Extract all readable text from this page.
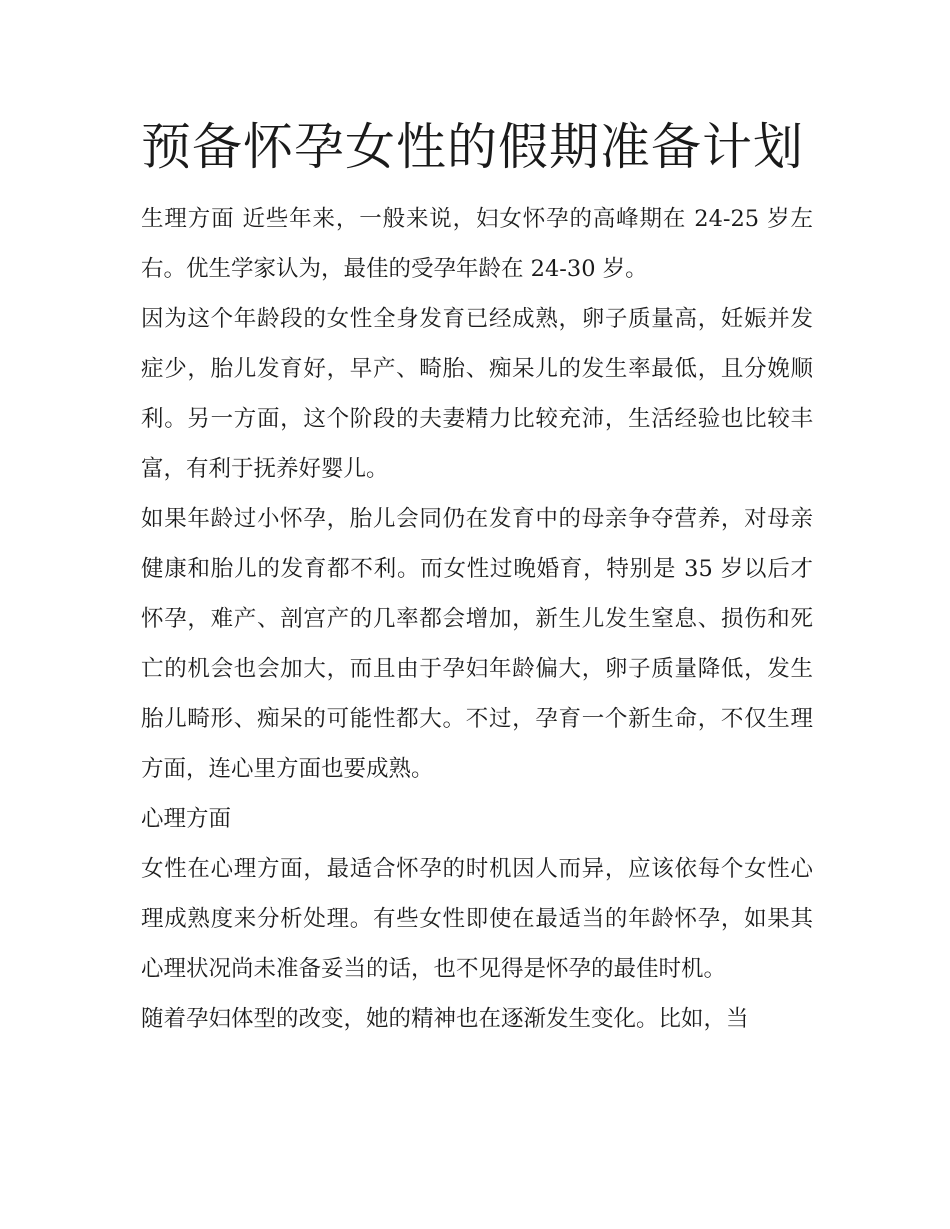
预备怀孕女性的假期准备计划

生理方面 近些年来，一般来说，妇女怀孕的高峰期在 24-25 岁左右。优生学家认为，最佳的受孕年龄在 24-30 岁。

因为这个年龄段的女性全身发育已经成熟，卵子质量高，妊娠并发症少，胎儿发育好，早产、畸胎、痴呆儿的发生率最低，且分娩顺利。另一方面，这个阶段的夫妻精力比较充沛，生活经验也比较丰富，有利于抚养好婴儿。

如果年龄过小怀孕，胎儿会同仍在发育中的母亲争夺营养，对母亲健康和胎儿的发育都不利。而女性过晚婚育，特别是 35 岁以后才怀孕，难产、剖宫产的几率都会增加，新生儿发生窒息、损伤和死亡的机会也会加大，而且由于孕妇年龄偏大，卵子质量降低，发生胎儿畸形、痴呆的可能性都大。不过，孕育一个新生命，不仅生理方面，连心里方面也要成熟。

心理方面

女性在心理方面，最适合怀孕的时机因人而异，应该依每个女性心理成熟度来分析处理。有些女性即使在最适当的年龄怀孕，如果其心理状况尚未准备妥当的话，也不见得是怀孕的最佳时机。

随着孕妇体型的改变，她的精神也在逐渐发生变化。比如，当
